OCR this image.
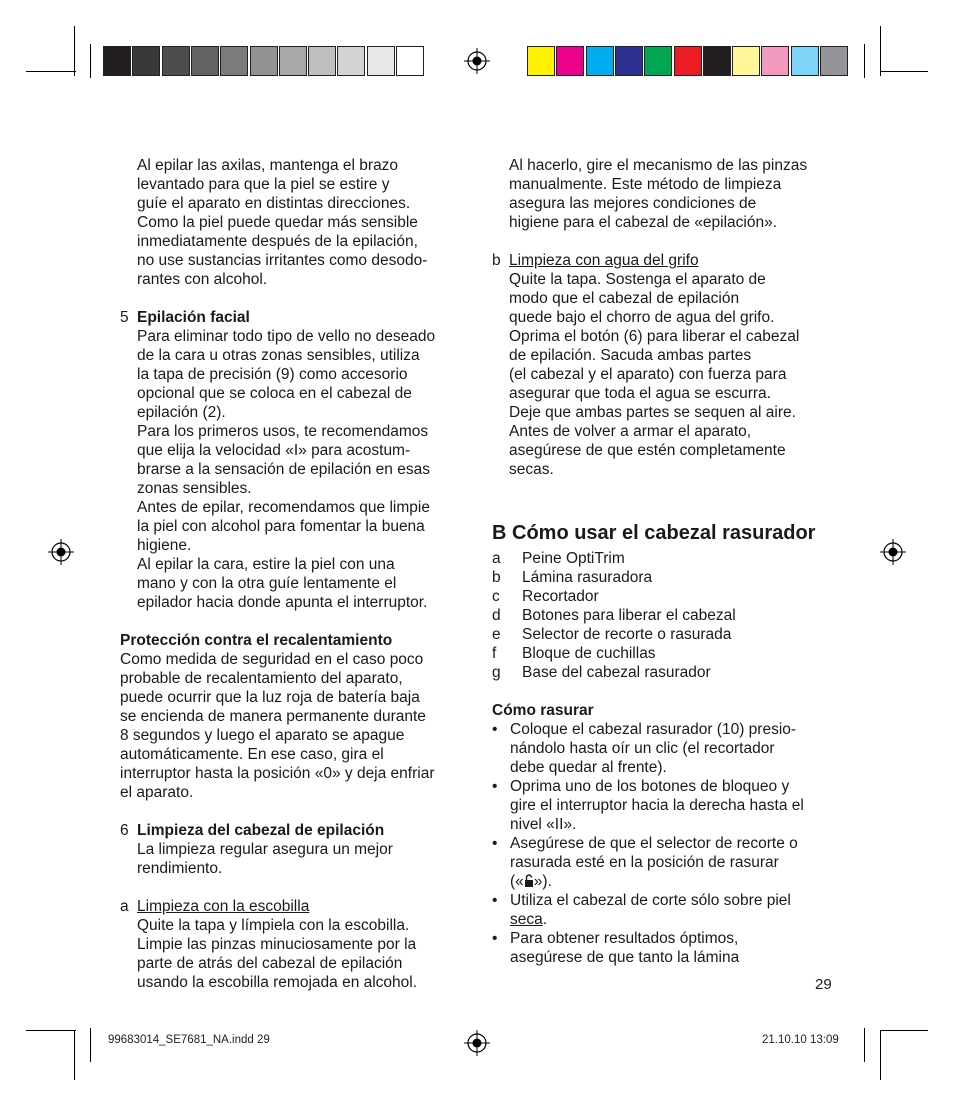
Al epilar las axilas, mantenga el brazo
levantado para que la piel se estire y
guíe el aparato en distintas direcciones.
Como la piel puede quedar más sensible
inmediatamente después de la epilación,
no use sustancias irritantes como desodo-
rantes con alcohol.
5 Epilación facial
Para eliminar todo tipo de vello no deseado
de la cara u otras zonas sensibles, utiliza
la tapa de precisión (9) como accesorio
opcional que se coloca en el cabezal de
epilación (2).
Para los primeros usos, te recomendamos
que elija la velocidad «I» para acostum-
brarse a la sensación de epilación en esas
zonas sensibles.
Antes de epilar, recomendamos que limpie
la piel con alcohol para fomentar la buena
higiene.
Al epilar la cara, estire la piel con una
mano y con la otra guíe lentamente el
epilador hacia donde apunta el interruptor.
Protección contra el recalentamiento
Como medida de seguridad en el caso poco
probable de recalentamiento del aparato,
puede ocurrir que la luz roja de batería baja
se encienda de manera permanente durante
8 segundos y luego el aparato se apague
automáticamente. En ese caso, gira el
interruptor hasta la posición «0» y deja enfriar
el aparato.
6 Limpieza del cabezal de epilación
La limpieza regular asegura un mejor
rendimiento.
a Limpieza con la escobilla
Quite la tapa y límpiela con la escobilla.
Limpie las pinzas minuciosamente por la
parte de atrás del cabezal de epilación
usando la escobilla remojada en alcohol.
Al hacerlo, gire el mecanismo de las pinzas
manualmente. Este método de limpieza
asegura las mejores condiciones de
higiene para el cabezal de «epilación».
b Limpieza con agua del grifo
Quite la tapa. Sostenga el aparato de
modo que el cabezal de epilación
quede bajo el chorro de agua del grifo.
Oprima el botón (6) para liberar el cabezal
de epilación. Sacuda ambas partes
(el cabezal y el aparato) con fuerza para
asegurar que toda el agua se escurra.
Deje que ambas partes se sequen al aire.
Antes de volver a armar el aparato,
asegúrese de que estén completamente
secas.
B Cómo usar el cabezal rasurador
a Peine OptiTrim
b Lámina rasuradora
c Recortador
d Botones para liberar el cabezal
e Selector de recorte o rasurada
f Bloque de cuchillas
g Base del cabezal rasurador
Cómo rasurar
• Coloque el cabezal rasurador (10) presio-
nándolo hasta oír un clic (el recortador
debe quedar al frente).
• Oprima uno de los botones de bloqueo y
gire el interruptor hacia la derecha hasta el
nivel «II».
• Asegúrese de que el selector de recorte o
rasurada esté en la posición de rasurar
(« »).
• Utiliza el cabezal de corte sólo sobre piel
seca.
• Para obtener resultados óptimos,
asegúrese de que tanto la lámina
29
99683014_SE7681_NA.indd 29	21.10.10 13:09
